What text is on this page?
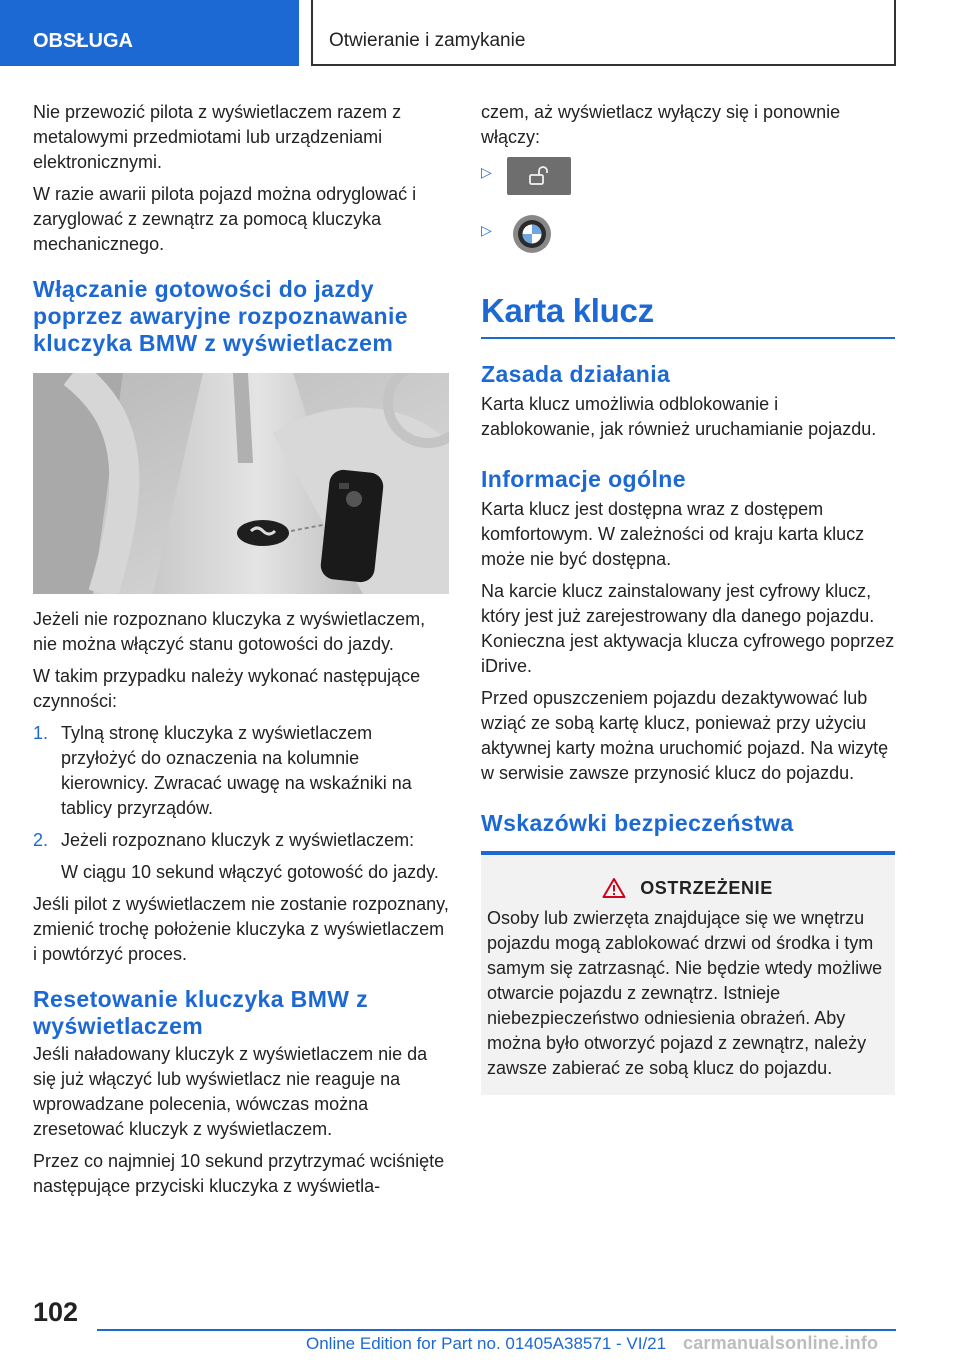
OBSŁUGA	Otwieranie i zamykanie

Nie przewozić pilota z wyświetlaczem razem z metalowymi przedmiotami lub urządzeniami elektronicznymi.

W razie awarii pilota pojazd można odryglować i zaryglować z zewnątrz za pomocą kluczyka mechanicznego.

Włączanie gotowości do jazdy poprzez awaryjne rozpoznawanie kluczyka BMW z wyświetlaczem

Jeżeli nie rozpoznano kluczyka z wyświetlaczem, nie można włączyć stanu gotowości do jazdy.

W takim przypadku należy wykonać następujące czynności:

1. Tylną stronę kluczyka z wyświetlaczem przyłożyć do oznaczenia na kolumnie kierownicy. Zwracać uwagę na wskaźniki na tablicy przyrządów.

2. Jeżeli rozpoznano kluczyk z wyświetlaczem:

W ciągu 10 sekund włączyć gotowość do jazdy.

Jeśli pilot z wyświetlaczem nie zostanie rozpoznany, zmienić trochę położenie kluczyka z wyświetlaczem i powtórzyć proces.

Resetowanie kluczyka BMW z wyświetlaczem

Jeśli naładowany kluczyk z wyświetlaczem nie da się już włączyć lub wyświetlacz nie reaguje na wprowadzane polecenia, wówczas można zresetować kluczyk z wyświetlaczem.

Przez co najmniej 10 sekund przytrzymać wciśnięte następujące przyciski kluczyka z wyświetla-

czem, aż wyświetlacz wyłączy się i ponownie włączy:

▷
▷
Karta klucz
Zasada działania

Karta klucz umożliwia odblokowanie i zablokowanie, jak również uruchamianie pojazdu.

Informacje ogólne

Karta klucz jest dostępna wraz z dostępem komfortowym. W zależności od kraju karta klucz może nie być dostępna.

Na karcie klucz zainstalowany jest cyfrowy klucz, który jest już zarejestrowany dla danego pojazdu. Konieczna jest aktywacja klucza cyfrowego poprzez iDrive.

Przed opuszczeniem pojazdu dezaktywować lub wziąć ze sobą kartę klucz, ponieważ przy użyciu aktywnej karty można uruchomić pojazd. Na wizytę w serwisie zawsze przynosić klucz do pojazdu.

Wskazówki bezpieczeństwa
OSTRZEŻENIE

Osoby lub zwierzęta znajdujące się we wnętrzu pojazdu mogą zablokować drzwi od środka i tym samym się zatrzasnąć. Nie będzie wtedy możliwe otwarcie pojazdu z zewnątrz. Istnieje niebezpieczeństwo odniesienia obrażeń. Aby można było otworzyć pojazd z zewnątrz, należy zawsze zabierać ze sobą klucz do pojazdu.

102
Online Edition for Part no. 01405A38571 - VI/21 carmanualsonline.info
